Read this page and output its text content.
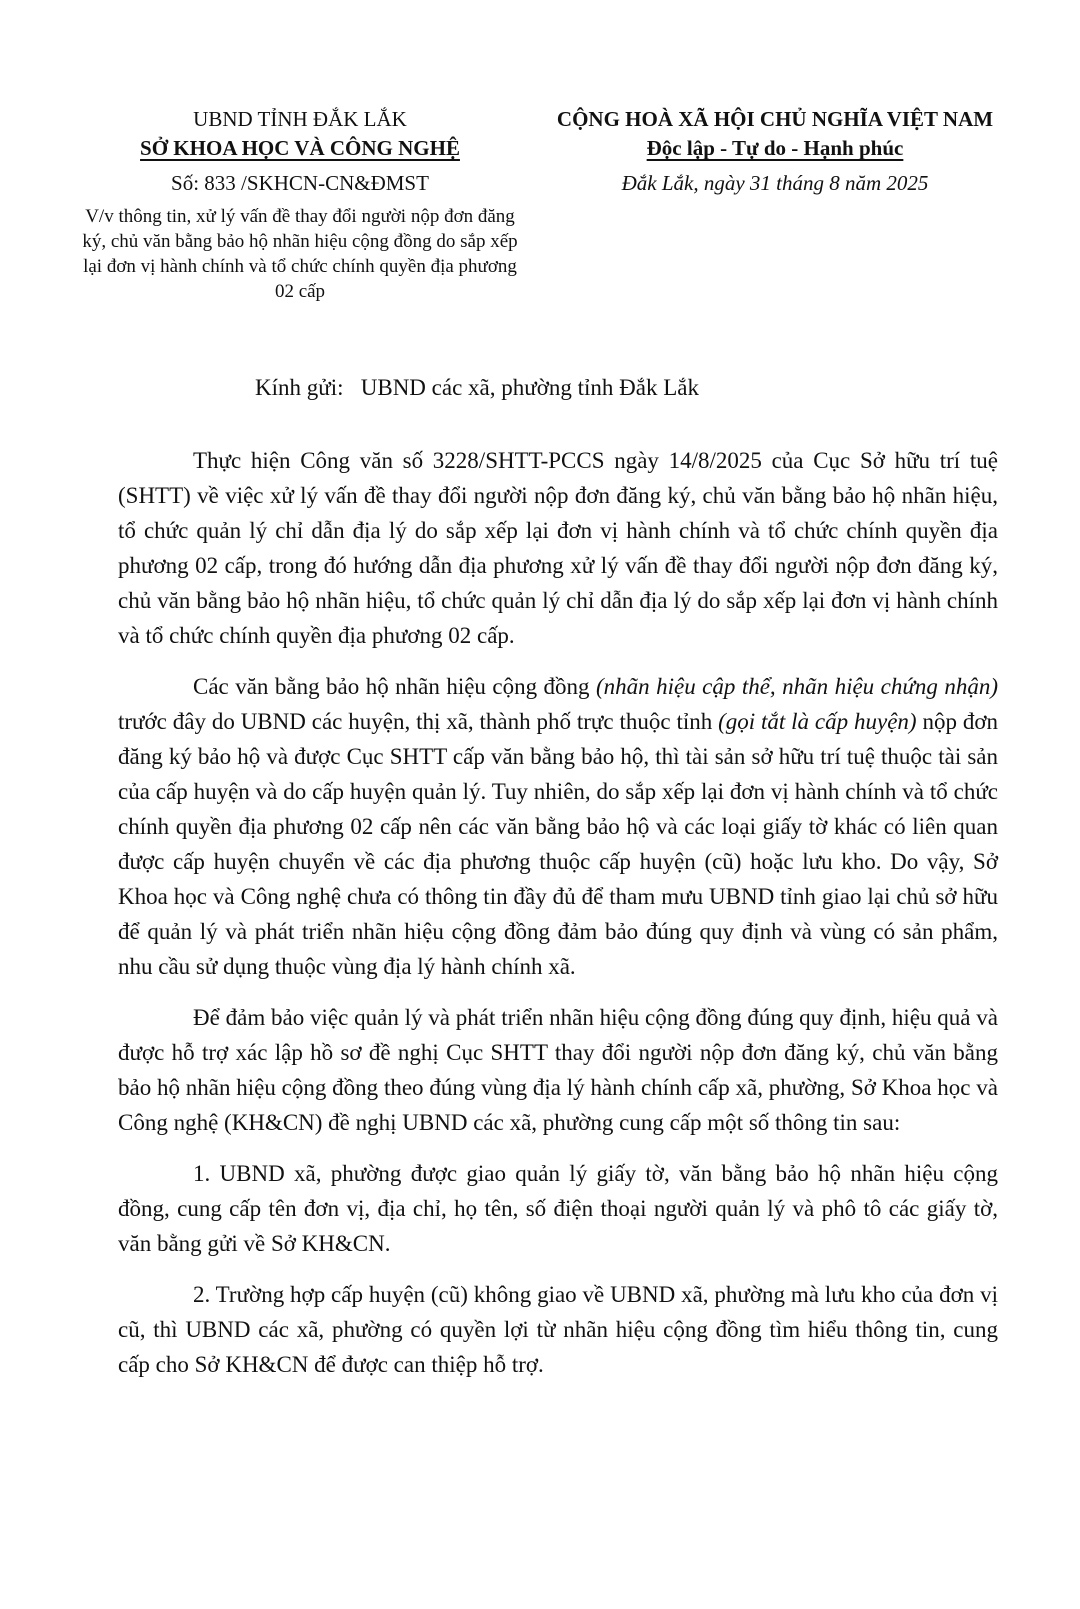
UBND TỈNH ĐẮK LẮK
SỞ KHOA HỌC VÀ CÔNG NGHỆ
Số: 833 /SKHCN-CN&ĐMST
V/v thông tin, xử lý vấn đề thay đổi người nộp đơn đăng ký, chủ văn bằng bảo hộ nhãn hiệu cộng đồng do sắp xếp lại đơn vị hành chính và tổ chức chính quyền địa phương 02 cấp
CỘNG HOÀ XÃ HỘI CHỦ NGHĨA VIỆT NAM
Độc lập - Tự do - Hạnh phúc
Đắk Lắk, ngày 31 tháng 8 năm 2025
Kính gửi: UBND các xã, phường tỉnh Đắk Lắk

Thực hiện Công văn số 3228/SHTT-PCCS ngày 14/8/2025 của Cục Sở hữu trí tuệ (SHTT) về việc xử lý vấn đề thay đổi người nộp đơn đăng ký, chủ văn bằng bảo hộ nhãn hiệu, tổ chức quản lý chỉ dẫn địa lý do sắp xếp lại đơn vị hành chính và tổ chức chính quyền địa phương 02 cấp, trong đó hướng dẫn địa phương xử lý vấn đề thay đổi người nộp đơn đăng ký, chủ văn bằng bảo hộ nhãn hiệu, tổ chức quản lý chỉ dẫn địa lý do sắp xếp lại đơn vị hành chính và tổ chức chính quyền địa phương 02 cấp.

Các văn bằng bảo hộ nhãn hiệu cộng đồng (nhãn hiệu cập thể, nhãn hiệu chứng nhận) trước đây do UBND các huyện, thị xã, thành phố trực thuộc tỉnh (gọi tắt là cấp huyện) nộp đơn đăng ký bảo hộ và được Cục SHTT cấp văn bằng bảo hộ, thì tài sản sở hữu trí tuệ thuộc tài sản của cấp huyện và do cấp huyện quản lý. Tuy nhiên, do sắp xếp lại đơn vị hành chính và tổ chức chính quyền địa phương 02 cấp nên các văn bằng bảo hộ và các loại giấy tờ khác có liên quan được cấp huyện chuyển về các địa phương thuộc cấp huyện (cũ) hoặc lưu kho. Do vậy, Sở Khoa học và Công nghệ chưa có thông tin đầy đủ để tham mưu UBND tỉnh giao lại chủ sở hữu để quản lý và phát triển nhãn hiệu cộng đồng đảm bảo đúng quy định và vùng có sản phẩm, nhu cầu sử dụng thuộc vùng địa lý hành chính xã.

Để đảm bảo việc quản lý và phát triển nhãn hiệu cộng đồng đúng quy định, hiệu quả và được hỗ trợ xác lập hồ sơ đề nghị Cục SHTT thay đổi người nộp đơn đăng ký, chủ văn bằng bảo hộ nhãn hiệu cộng đồng theo đúng vùng địa lý hành chính cấp xã, phường, Sở Khoa học và Công nghệ (KH&CN) đề nghị UBND các xã, phường cung cấp một số thông tin sau:

1. UBND xã, phường được giao quản lý giấy tờ, văn bằng bảo hộ nhãn hiệu cộng đồng, cung cấp tên đơn vị, địa chỉ, họ tên, số điện thoại người quản lý và phô tô các giấy tờ, văn bằng gửi về Sở KH&CN.

2. Trường hợp cấp huyện (cũ) không giao về UBND xã, phường mà lưu kho của đơn vị cũ, thì UBND các xã, phường có quyền lợi từ nhãn hiệu cộng đồng tìm hiểu thông tin, cung cấp cho Sở KH&CN để được can thiệp hỗ trợ.
